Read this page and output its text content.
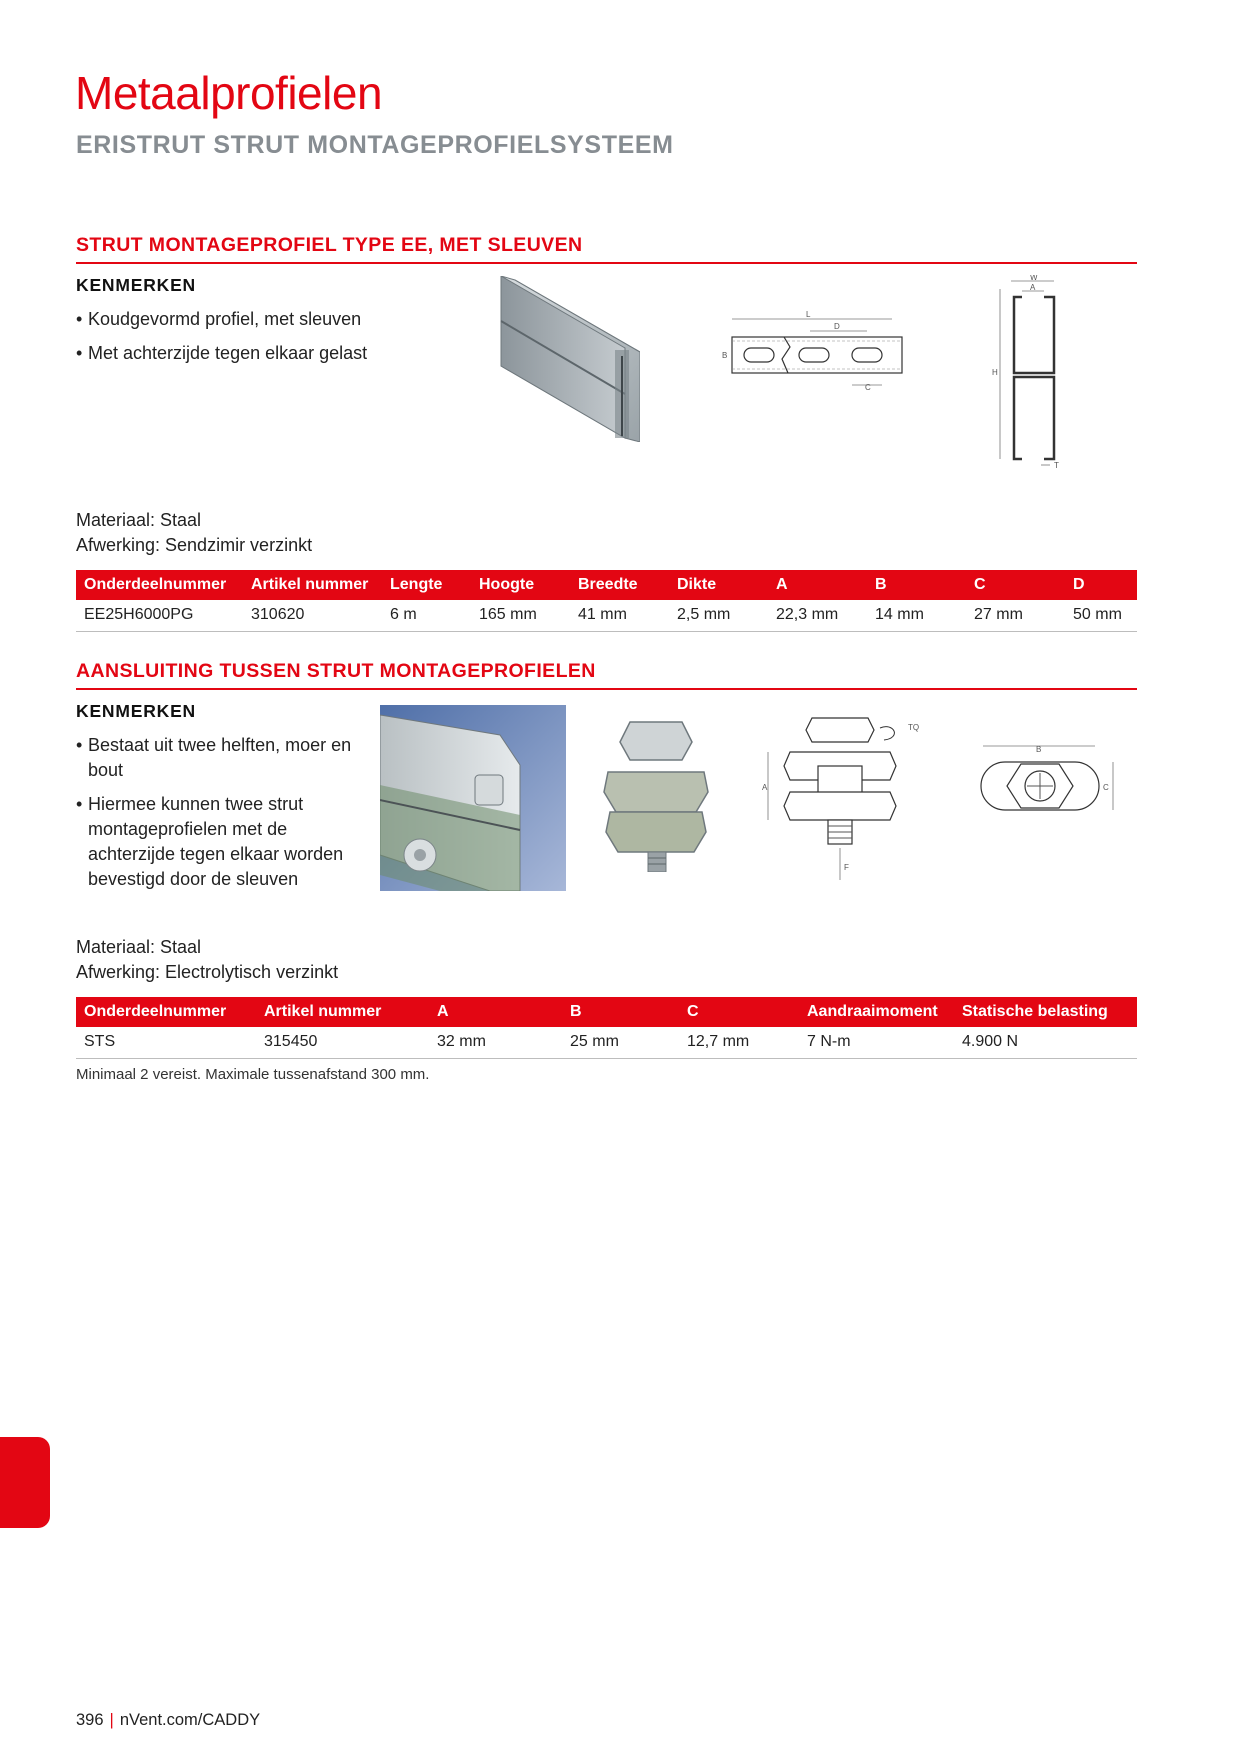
Metaalprofielen
ERISTRUT STRUT MONTAGEPROFIELSYSTEEM
STRUT MONTAGEPROFIEL TYPE EE, MET SLEUVEN
KENMERKEN
• Koudgevormd profiel, met sleuven
• Met achterzijde tegen elkaar gelast
L
D
B
C
W
A
H
T
Materiaal: Staal
Afwerking: Sendzimir verzinkt
Onderdeelnummer	Artikel nummer	Lengte	Hoogte	Breedte	Dikte	A	B	C	D
EE25H6000PG	310620	6 m	165 mm	41 mm	2,5 mm	22,3 mm	14 mm	27 mm	50 mm
AANSLUITING TUSSEN STRUT MONTAGEPROFIELEN
KENMERKEN
• Bestaat uit twee helften, moer en bout
• Hiermee kunnen twee strut montageprofielen met de achterzijde tegen elkaar worden bevestigd door de sleuven
TQ
A
F
B
C
Materiaal: Staal
Afwerking: Electrolytisch verzinkt
Onderdeelnummer	Artikel nummer	A	B	C	Aandraaimoment	Statische belasting
STS	315450	32 mm	25 mm	12,7 mm	7 N-m	4.900 N
Minimaal 2 vereist. Maximale tussenafstand 300 mm.
396 | nVent.com/CADDY
